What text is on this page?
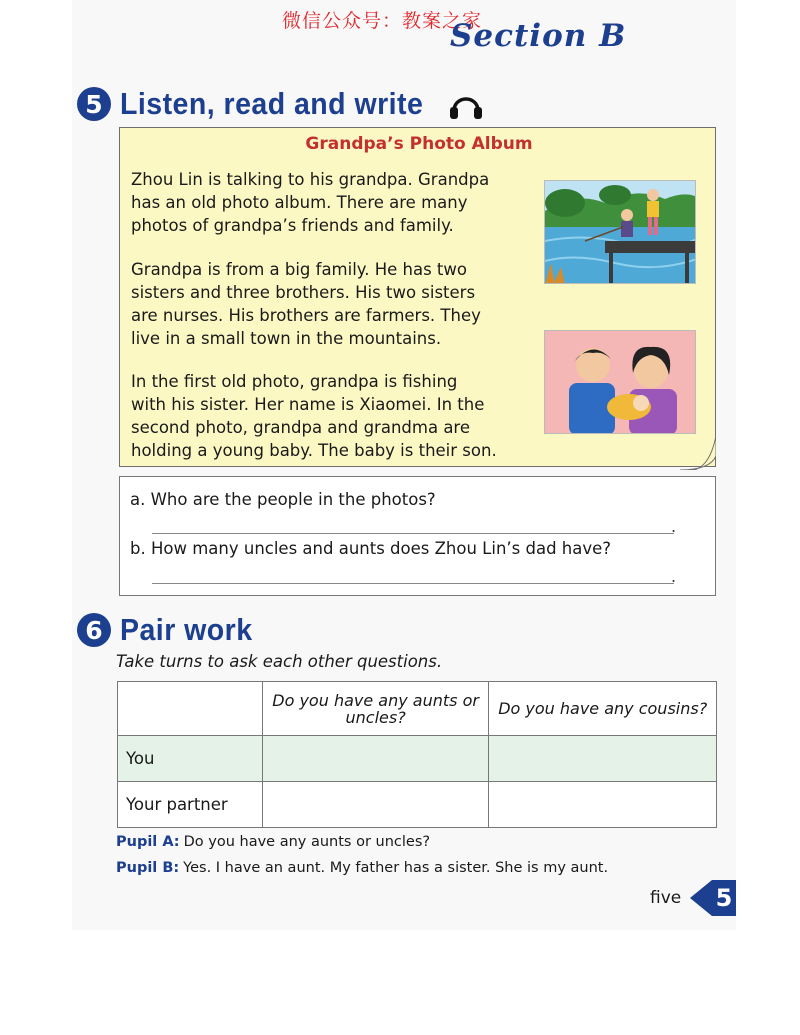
微信公众号：教案之家
Section B
5 Listen, read and write
Grandpa’s Photo Album
Zhou Lin is talking to his grandpa. Grandpa
has an old photo album. There are many
photos of grandpa’s friends and family.
Grandpa is from a big family. He has two
sisters and three brothers. His two sisters
are nurses. His brothers are farmers. They
live in a small town in the mountains.
In the first old photo, grandpa is fishing
with his sister. Her name is Xiaomei. In the
second photo, grandpa and grandma are
holding a young baby. The baby is their son.
a. Who are the people in the photos?
.
b. How many uncles and aunts does Zhou Lin’s dad have?
.
6 Pair work
Take turns to ask each other questions.
	Do you have any aunts or uncles?	Do you have any cousins?
You		
Your partner		
Pupil A: Do you have any aunts or uncles?
Pupil B: Yes. I have an aunt. My father has a sister. She is my aunt.
five 5
